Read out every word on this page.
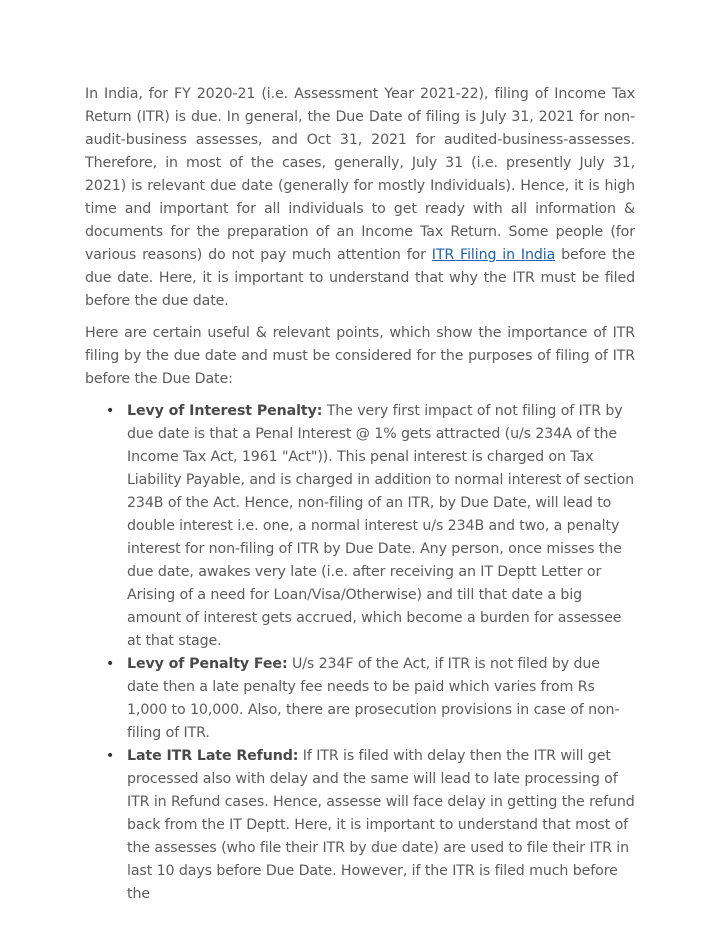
In India, for FY 2020-21 (i.e. Assessment Year 2021-22), filing of Income Tax Return (ITR) is due. In general, the Due Date of filing is July 31, 2021 for non-audit-business assesses, and Oct 31, 2021 for audited-business-assesses. Therefore, in most of the cases, generally, July 31 (i.e. presently July 31, 2021) is relevant due date (generally for mostly Individuals). Hence, it is high time and important for all individuals to get ready with all information & documents for the preparation of an Income Tax Return. Some people (for various reasons) do not pay much attention for ITR Filing in India before the due date. Here, it is important to understand that why the ITR must be filed before the due date.

Here are certain useful & relevant points, which show the importance of ITR filing by the due date and must be considered for the purposes of filing of ITR before the Due Date:

• Levy of Interest Penalty: The very first impact of not filing of ITR by due date is that a Penal Interest @ 1% gets attracted (u/s 234A of the Income Tax Act, 1961 "Act")). This penal interest is charged on Tax Liability Payable, and is charged in addition to normal interest of section 234B of the Act. Hence, non-filing of an ITR, by Due Date, will lead to double interest i.e. one, a normal interest u/s 234B and two, a penalty interest for non-filing of ITR by Due Date. Any person, once misses the due date, awakes very late (i.e. after receiving an IT Deptt Letter or Arising of a need for Loan/Visa/Otherwise) and till that date a big amount of interest gets accrued, which become a burden for assessee at that stage.
• Levy of Penalty Fee: U/s 234F of the Act, if ITR is not filed by due date then a late penalty fee needs to be paid which varies from Rs 1,000 to 10,000. Also, there are prosecution provisions in case of non-filing of ITR.
• Late ITR Late Refund: If ITR is filed with delay then the ITR will get processed also with delay and the same will lead to late processing of ITR in Refund cases. Hence, assesse will face delay in getting the refund back from the IT Deptt. Here, it is important to understand that most of the assesses (who file their ITR by due date) are used to file their ITR in last 10 days before Due Date. However, if the ITR is filed much before the
